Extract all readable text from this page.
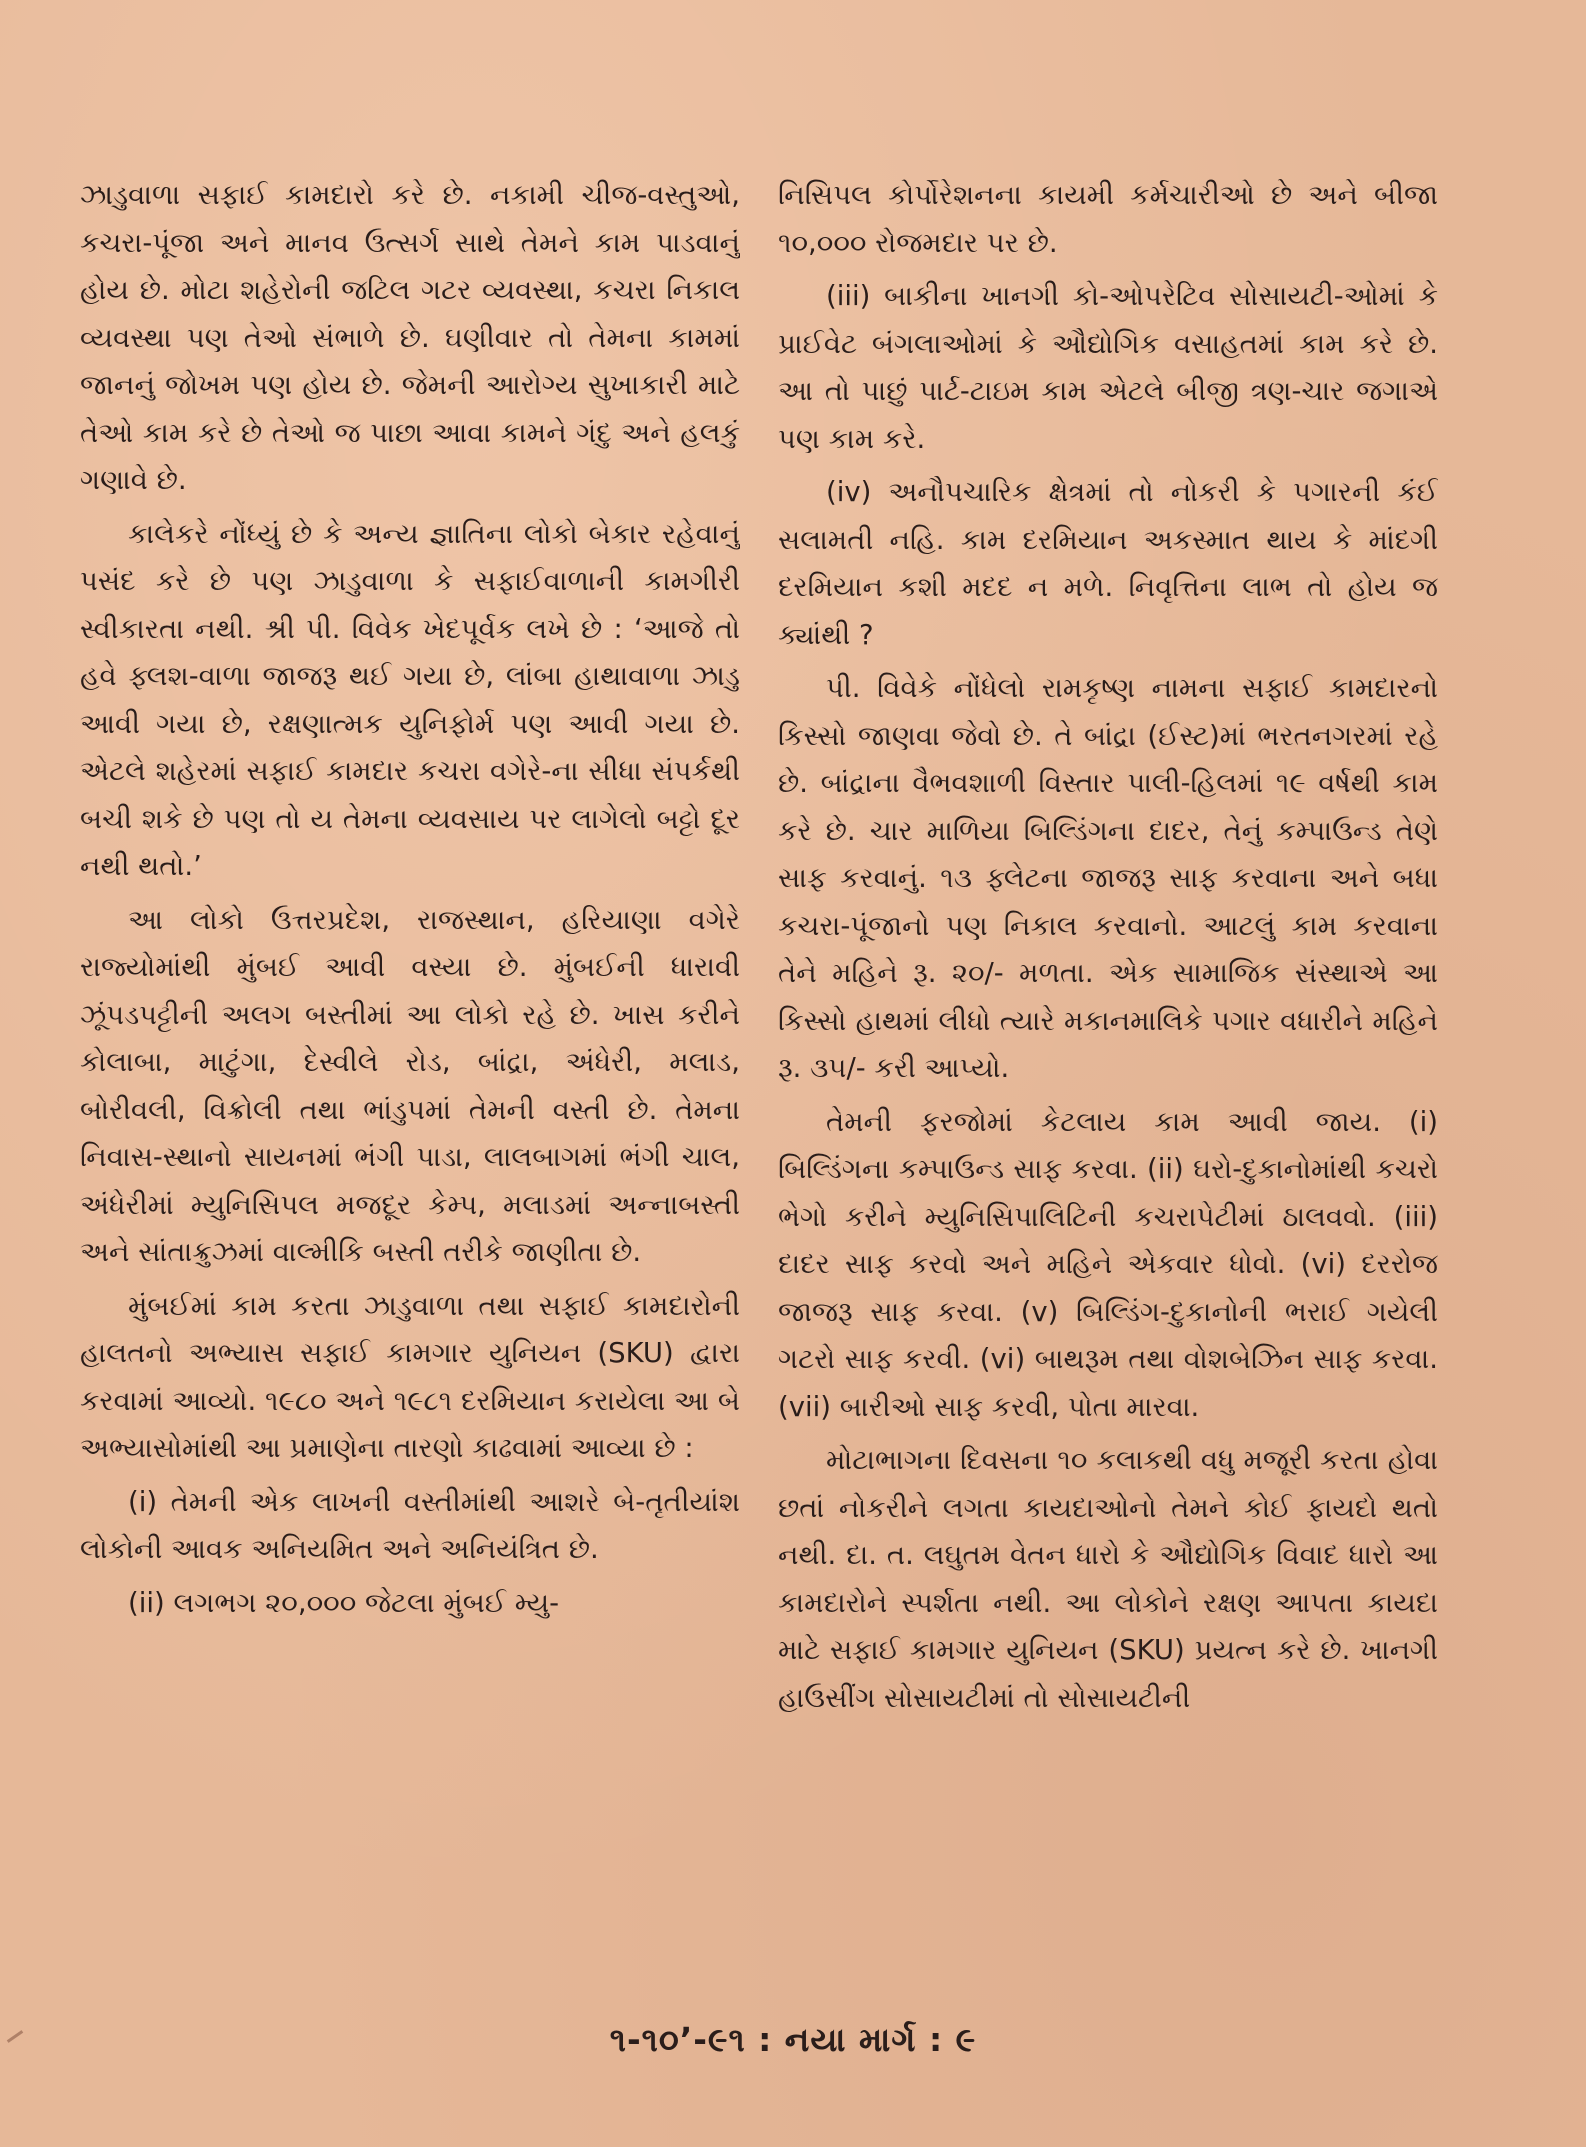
ઝાડુવાળા સફાઈ કામદારો કરે છે. નકામી ચીજ-વસ્તુઓ, કચરા-પૂંજા અને માનવ ઉત્સર્ગ સાથે તેમને કામ પાડવાનું હોય છે. મોટા શહેરોની જટિલ ગટર વ્યવસ્થા, કચરા નિકાલ વ્યવસ્થા પણ તેઓ સંભાળે છે. ઘણીવાર તો તેમના કામમાં જાનનું જોખમ પણ હોય છે. જેમની આરોગ્ય સુખાકારી માટે તેઓ કામ કરે છે તેઓ જ પાછા આવા કામને ગંદુ અને હલકું ગણાવે છે.

કાલેકરે નોંધ્યું છે કે અન્ય જ્ઞાતિના લોકો બેકાર રહેવાનું પસંદ કરે છે પણ ઝાડુવાળા કે સફાઈવાળાની કામગીરી સ્વીકારતા નથી. શ્રી પી. વિવેક ખેદપૂર્વક લખે છે : ‘આજે તો હવે ફ્લશ-વાળા જાજરૂ થઈ ગયા છે, લાંબા હાથાવાળા ઝાડુ આવી ગયા છે, રક્ષણાત્મક યુનિફોર્મ પણ આવી ગયા છે. એટલે શહેરમાં સફાઈ કામદાર કચરા વગેરે-ના સીધા સંપર્કથી બચી શકે છે પણ તો ય તેમના વ્યવસાય પર લાગેલો બટ્ટો દૂર નથી થતો.’

આ લોકો ઉત્તરપ્રદેશ, રાજસ્થાન, હરિયાણા વગેરે રાજ્યોમાંથી મુંબઈ આવી વસ્યા છે. મુંબઈની ધારાવી ઝૂંપડપટ્ટીની અલગ બસ્તીમાં આ લોકો રહે છે. ખાસ કરીને કોલાબા, માટુંગા, દેસ્વીલે રોડ, બાંદ્રા, અંધેરી, મલાડ, બોરીવલી, વિક્રોલી તથા ભાંડુપમાં તેમની વસ્તી છે. તેમના નિવાસ-સ્થાનો સાયનમાં ભંગી પાડા, લાલબાગમાં ભંગી ચાલ, અંધેરીમાં મ્યુનિસિપલ મજદૂર કેમ્પ, મલાડમાં અન્નાબસ્તી અને સાંતાક્રુઝમાં વાલ્મીકિ બસ્તી તરીકે જાણીતા છે.

મુંબઈમાં કામ કરતા ઝાડુવાળા તથા સફાઈ કામદારોની હાલતનો અભ્યાસ સફાઈ કામગાર યુનિયન (SKU) દ્વારા કરવામાં આવ્યો. ૧૯૮૦ અને ૧૯૮૧ દરમિયાન કરાયેલા આ બે અભ્યાસોમાંથી આ પ્રમાણેના તારણો કાઢવામાં આવ્યા છે :

(i) તેમની એક લાખની વસ્તીમાંથી આશરે બે-તૃતીયાંશ લોકોની આવક અનિયમિત અને અનિયંત્રિત છે.

(ii) લગભગ ૨૦,૦૦૦ જેટલા મુંબઈ મ્યુ-

નિસિપલ કોર્પોરેશનના કાયમી કર્મચારીઓ છે અને બીજા ૧૦,૦૦૦ રોજમદાર પર છે.

(iii) બાકીના ખાનગી કો-ઓપરેટિવ સોસાયટી-ઓમાં કે પ્રાઈવેટ બંગલાઓમાં કે ઔદ્યોગિક વસાહતમાં કામ કરે છે. આ તો પાછું પાર્ટ-ટાઇમ કામ એટલે બીજી ત્રણ-ચાર જગાએ પણ કામ કરે.

(iv) અનૌપચારિક ક્ષેત્રમાં તો નોકરી કે પગારની કંઈ સલામતી નહિ. કામ દરમિયાન અકસ્માત થાય કે માંદગી દરમિયાન કશી મદદ ન મળે. નિવૃત્તિના લાભ તો હોય જ ક્યાંથી ?

પી. વિવેકે નોંધેલો રામકૃષ્ણ નામના સફાઈ કામદારનો કિસ્સો જાણવા જેવો છે. તે બાંદ્રા (ઈસ્ટ)માં ભરતનગરમાં રહે છે. બાંદ્રાના વૈભવશાળી વિસ્તાર પાલી-હિલમાં ૧૯ વર્ષથી કામ કરે છે. ચાર માળિયા બિલ્ડિંગના દાદર, તેનું કમ્પાઉન્ડ તેણે સાફ કરવાનું. ૧૩ ફ્લેટના જાજરૂ સાફ કરવાના અને બધા કચરા-પૂંજાનો પણ નિકાલ કરવાનો. આટલું કામ કરવાના તેને મહિને રૂ. ૨૦/- મળતા. એક સામાજિક સંસ્થાએ આ કિસ્સો હાથમાં લીધો ત્યારે મકાનમાલિકે પગાર વધારીને મહિને રૂ. ૩૫/- કરી આપ્યો.

તેમની ફરજોમાં કેટલાય કામ આવી જાય. (i) બિલ્ડિંગના કમ્પાઉન્ડ સાફ કરવા. (ii) ઘરો-દુકાનોમાંથી કચરો ભેગો કરીને મ્યુનિસિપાલિટિની કચરાપેટીમાં ઠાલવવો. (iii) દાદર સાફ કરવો અને મહિને એકવાર ધોવો. (vi) દરરોજ જાજરૂ સાફ કરવા. (v) બિલ્ડિંગ-દુકાનોની ભરાઈ ગયેલી ગટરો સાફ કરવી. (vi) બાથરૂમ તથા વોશબેઝિન સાફ કરવા. (vii) બારીઓ સાફ કરવી, પોતા મારવા.

મોટાભાગના દિવસના ૧૦ કલાકથી વધુ મજૂરી કરતા હોવા છતાં નોકરીને લગતા કાયદાઓનો તેમને કોઈ ફાયદો થતો નથી. દા. ત. લઘુતમ વેતન ધારો કે ઔદ્યોગિક વિવાદ ધારો આ કામદારોને સ્પર્શતા નથી. આ લોકોને રક્ષણ આપતા કાયદા માટે સફાઈ કામગાર યુનિયન (SKU) પ્રયત્ન કરે છે. ખાનગી હાઉસીંગ સોસાયટીમાં તો સોસાયટીની

૧-૧૦’-૯૧ : નયા માર્ગ : ૯
